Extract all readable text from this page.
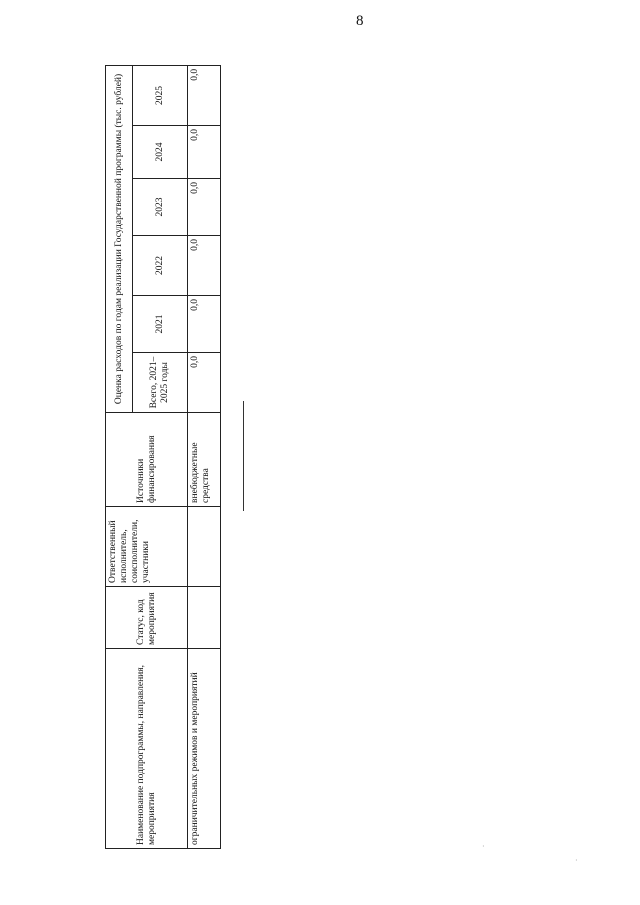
8
Наименование подпрограммы, направления, мероприятия	Статус, код мероприятия	Ответственный исполнитель, соисполнители, участники	Источники финансирования	Оценка расходов по годам реализации Государственной программы (тыс. рублей)					
				Всего, 2021– 2025 годы	2021	2022	2023	2024	2025
ограничительных режимов и мероприятий			внебюджетные средства	0,0	0,0	0,0	0,0	0,0	0,0
·
·
